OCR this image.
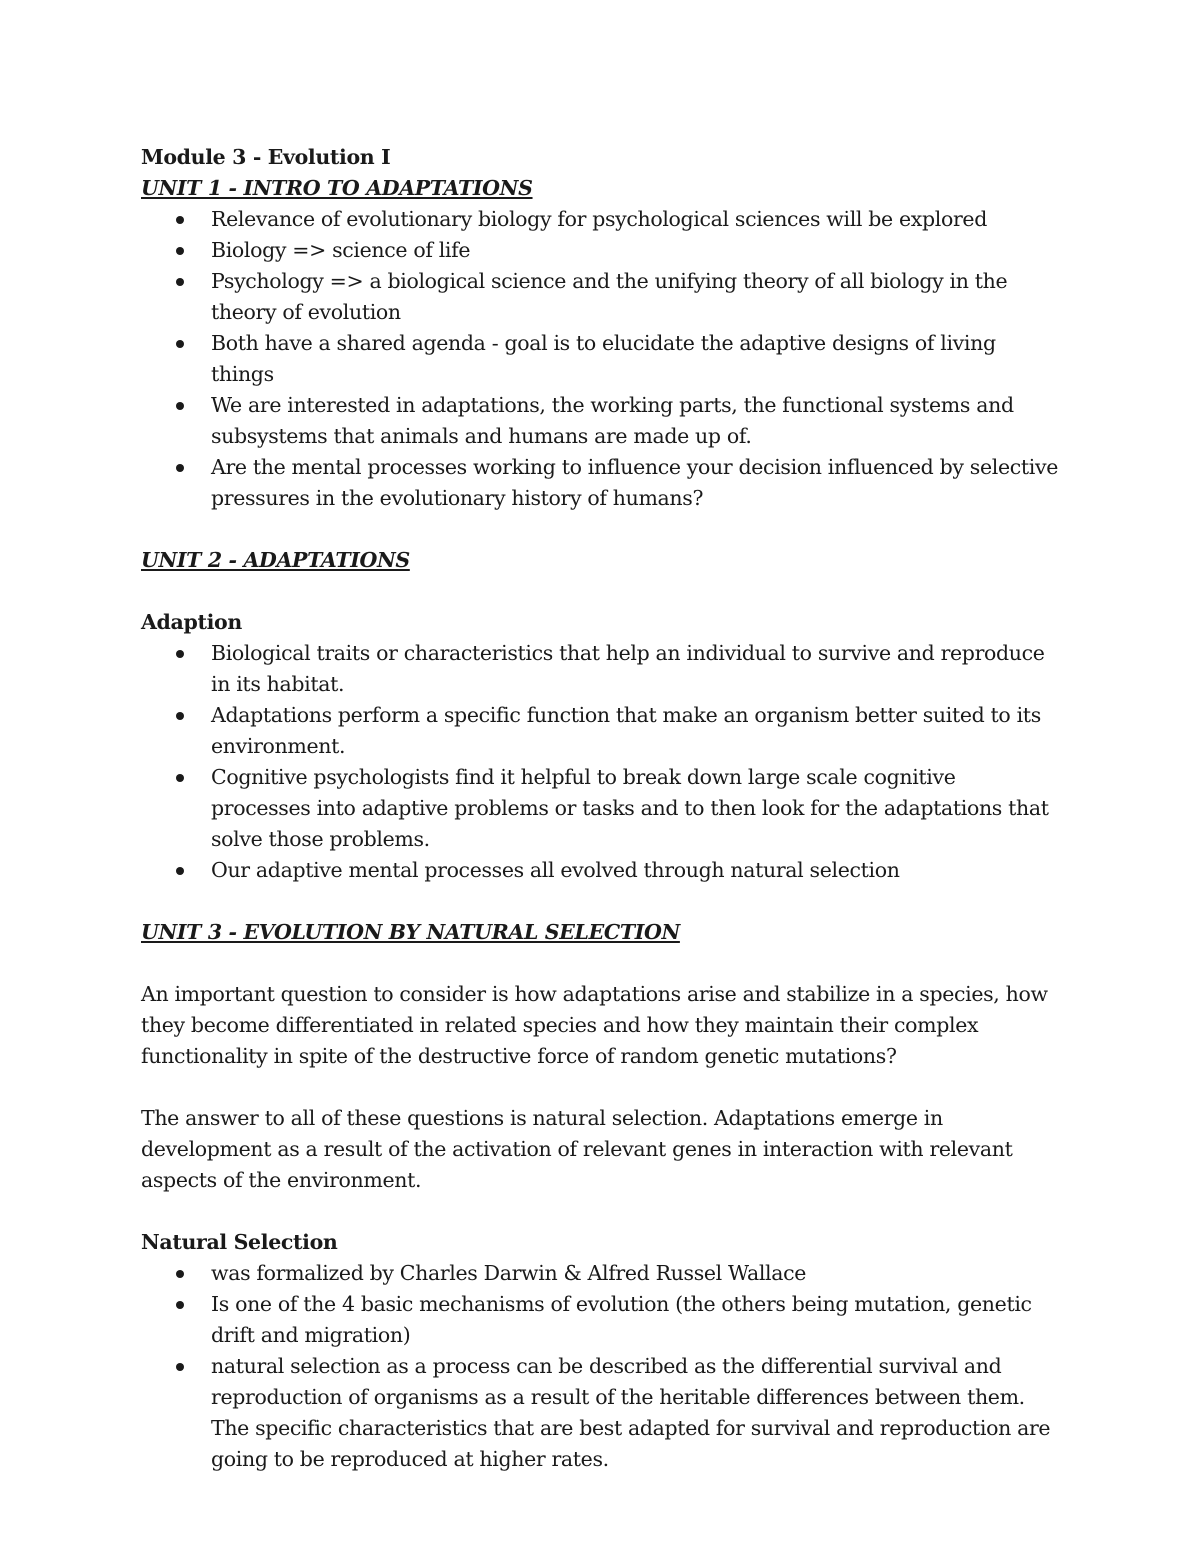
Module 3 - Evolution I

UNIT 1 - INTRO TO ADAPTATIONS

Relevance of evolutionary biology for psychological sciences will be explored
Biology => science of life
Psychology => a biological science and the unifying theory of all biology in the theory of evolution
Both have a shared agenda - goal is to elucidate the adaptive designs of living things
We are interested in adaptations, the working parts, the functional systems and subsystems that animals and humans are made up of.
Are the mental processes working to influence your decision influenced by selective pressures in the evolutionary history of humans?

UNIT 2 - ADAPTATIONS

Adaption

Biological traits or characteristics that help an individual to survive and reproduce in its habitat.
Adaptations perform a specific function that make an organism better suited to its environment.
Cognitive psychologists find it helpful to break down large scale cognitive processes into adaptive problems or tasks and to then look for the adaptations that solve those problems.
Our adaptive mental processes all evolved through natural selection

UNIT 3 - EVOLUTION BY NATURAL SELECTION

An important question to consider is how adaptations arise and stabilize in a species, how they become differentiated in related species and how they maintain their complex functionality in spite of the destructive force of random genetic mutations?

The answer to all of these questions is natural selection. Adaptations emerge in development as a result of the activation of relevant genes in interaction with relevant aspects of the environment.

Natural Selection

was formalized by Charles Darwin & Alfred Russel Wallace
Is one of the 4 basic mechanisms of evolution (the others being mutation, genetic drift and migration)
natural selection as a process can be described as the differential survival and reproduction of organisms as a result of the heritable differences between them. The specific characteristics that are best adapted for survival and reproduction are going to be reproduced at higher rates.
